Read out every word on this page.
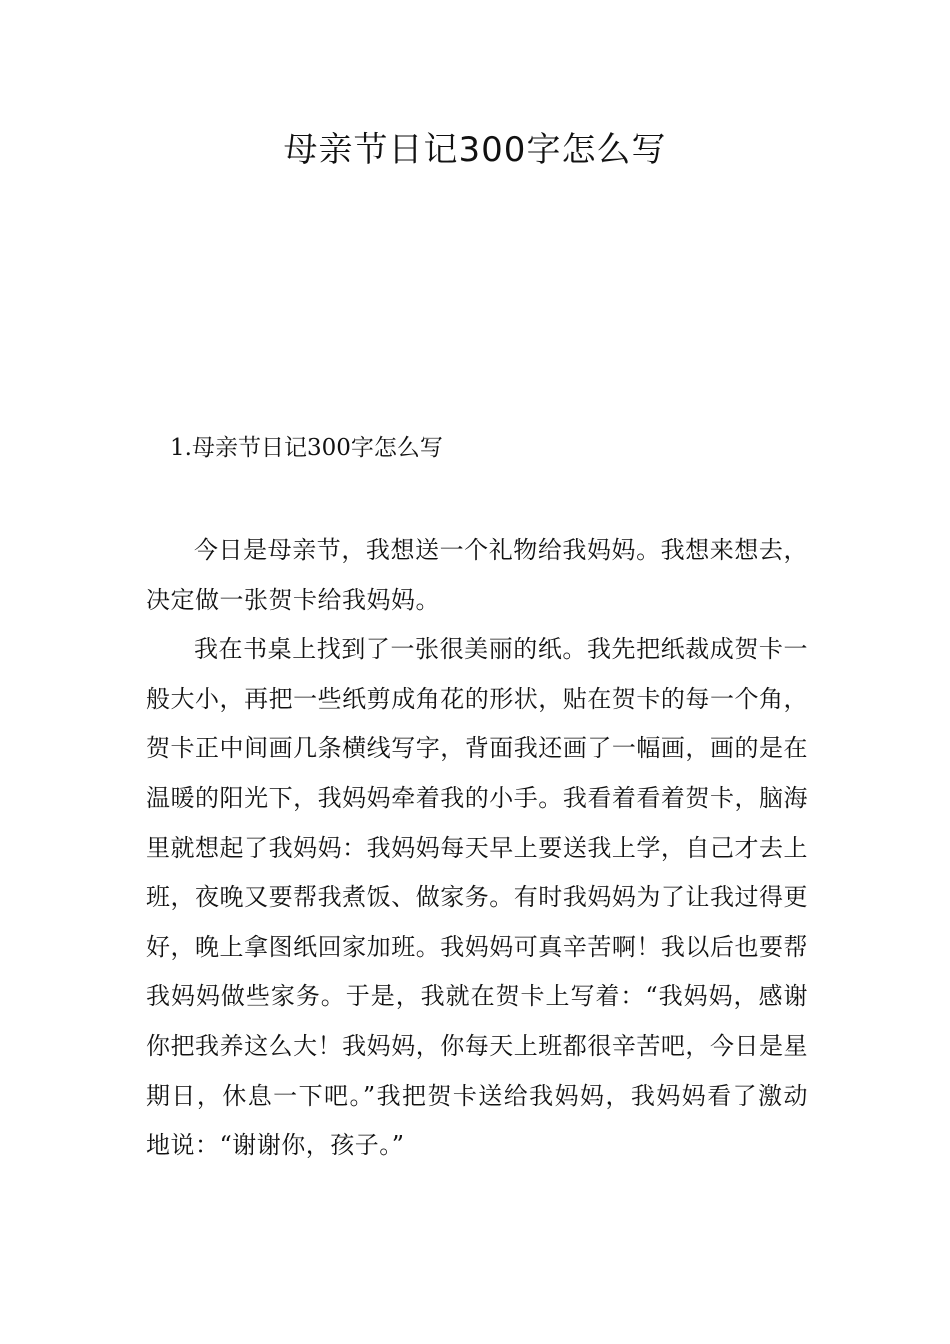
母亲节日记300字怎么写
1.母亲节日记300字怎么写

今日是母亲节，我想送一个礼物给我妈妈。我想来想去，决定做一张贺卡给我妈妈。

我在书桌上找到了一张很美丽的纸。我先把纸裁成贺卡一般大小，再把一些纸剪成角花的形状，贴在贺卡的每一个角，贺卡正中间画几条横线写字，背面我还画了一幅画，画的是在温暖的阳光下，我妈妈牵着我的小手。我看着看着贺卡，脑海里就想起了我妈妈：我妈妈每天早上要送我上学，自己才去上班，夜晚又要帮我煮饭、做家务。有时我妈妈为了让我过得更好，晚上拿图纸回家加班。我妈妈可真辛苦啊！我以后也要帮我妈妈做些家务。于是，我就在贺卡上写着：“我妈妈，感谢你把我养这么大！我妈妈，你每天上班都很辛苦吧，今日是星期日，休息一下吧。”我把贺卡送给我妈妈，我妈妈看了激动地说：“谢谢你，孩子。”
